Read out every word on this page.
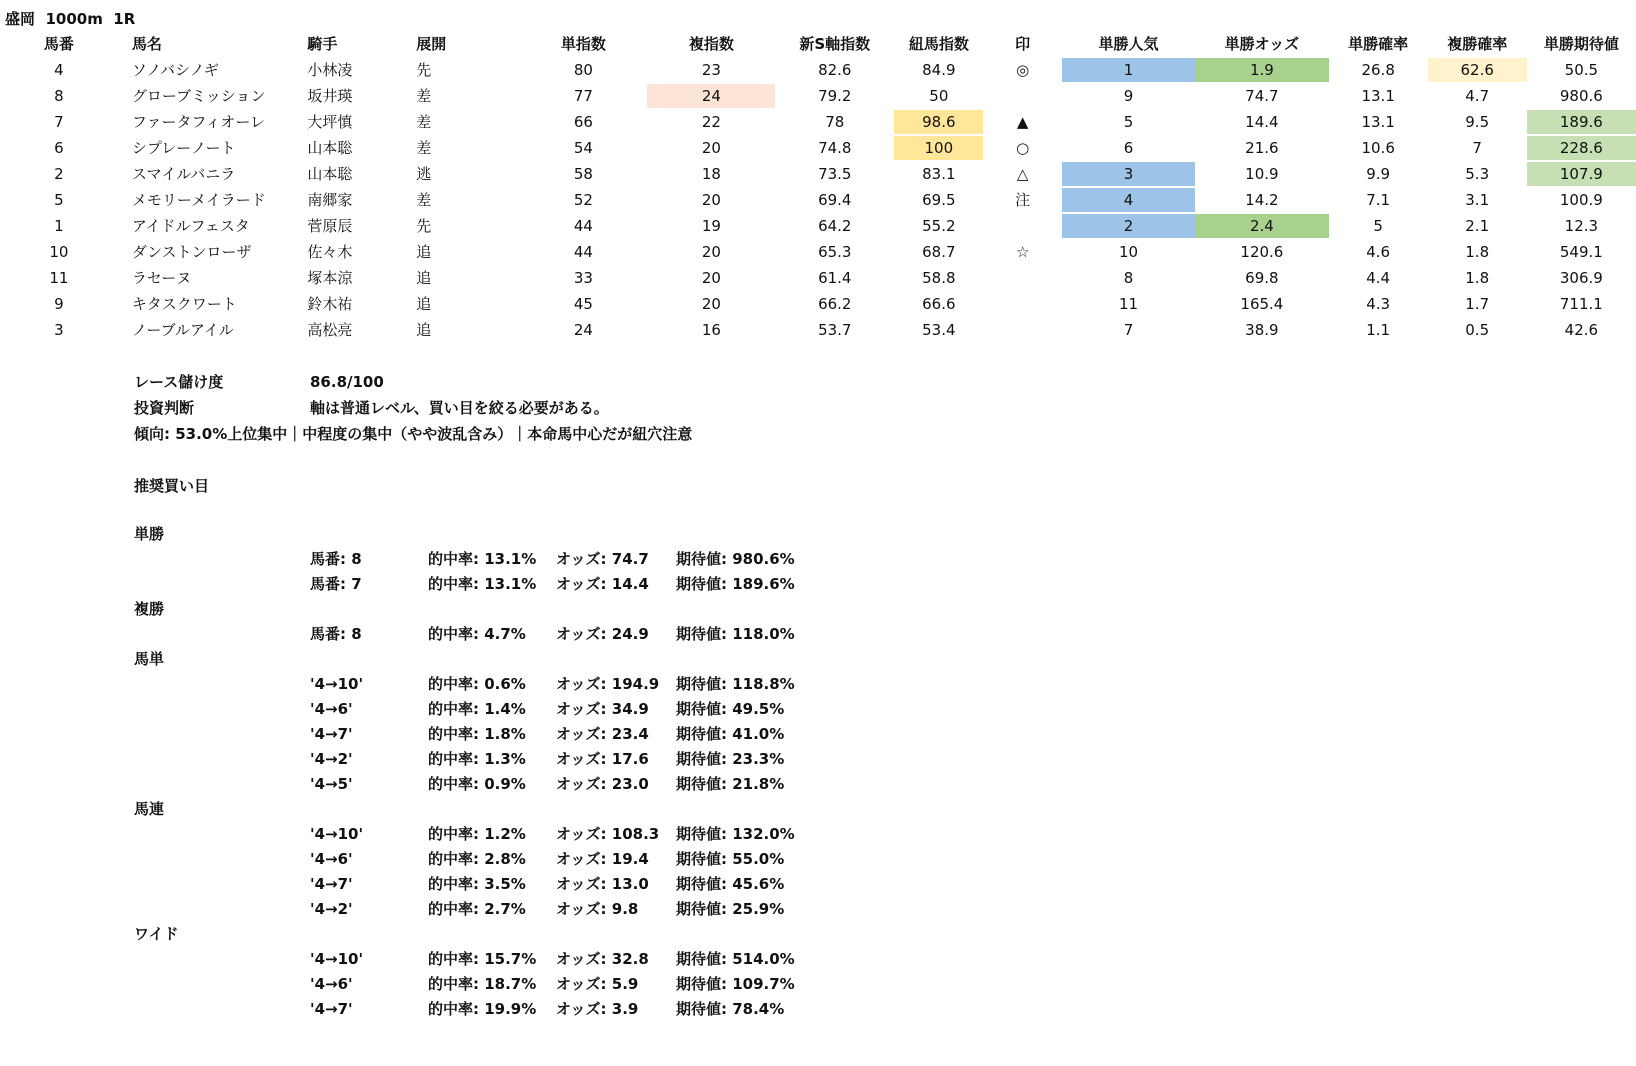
盛岡  1000m  1R
馬番	馬名	騎手	展開	単指数	複指数	新S軸指数	紐馬指数	印	単勝人気	単勝オッズ	単勝確率	複勝確率	単勝期待値

4	ソノバシノギ	小林凌	先	80	23	82.6	84.9	◎	1	1.9	26.8	62.6	50.5

8	グローブミッション	坂井瑛	差	77	24	79.2	50		9	74.7	13.1	4.7	980.6

7	ファータフィオーレ	大坪慎	差	66	22	78	98.6	▲	5	14.4	13.1	9.5	189.6

6	シプレーノート	山本聡	差	54	20	74.8	100	○	6	21.6	10.6	7	228.6

2	スマイルバニラ	山本聡	逃	58	18	73.5	83.1	△	3	10.9	9.9	5.3	107.9

5	メモリーメイラード	南郷家	差	52	20	69.4	69.5	注	4	14.2	7.1	3.1	100.9

1	アイドルフェスタ	菅原辰	先	44	19	64.2	55.2		2	2.4	5	2.1	12.3

10	ダンストンローザ	佐々木	追	44	20	65.3	68.7	☆	10	120.6	4.6	1.8	549.1

11	ラセーヌ	塚本涼	追	33	20	61.4	58.8		8	69.8	4.4	1.8	306.9

9	キタスクワート	鈴木祐	追	45	20	66.2	66.6		11	165.4	4.3	1.7	711.1

3	ノーブルアイル	高松亮	追	24	16	53.7	53.4		7	38.9	1.1	0.5	42.6
レース儲け度	86.8/100
投資判断	軸は普通レベル、買い目を絞る必要がある。
傾向: 53.0%上位集中｜中程度の集中（やや波乱含み）｜本命馬中心だが紐穴注意
推奨買い目
単勝
馬番: 8	的中率: 13.1% オッズ: 74.7 期待値: 980.6%
馬番: 7	的中率: 13.1% オッズ: 14.4 期待値: 189.6%
複勝
馬番: 8	的中率: 4.7% オッズ: 24.9 期待値: 118.0%
馬単
'4→10'	的中率: 0.6% オッズ: 194.9 期待値: 118.8%
'4→6'	的中率: 1.4% オッズ: 34.9 期待値: 49.5%
'4→7'	的中率: 1.8% オッズ: 23.4 期待値: 41.0%
'4→2'	的中率: 1.3% オッズ: 17.6 期待値: 23.3%
'4→5'	的中率: 0.9% オッズ: 23.0 期待値: 21.8%
馬連
'4→10'	的中率: 1.2% オッズ: 108.3 期待値: 132.0%
'4→6'	的中率: 2.8% オッズ: 19.4 期待値: 55.0%
'4→7'	的中率: 3.5% オッズ: 13.0 期待値: 45.6%
'4→2'	的中率: 2.7% オッズ: 9.8	期待値: 25.9%
ワイド
'4→10'	的中率: 15.7% オッズ: 32.8 期待値: 514.0%
'4→6'	的中率: 18.7% オッズ: 5.9	期待値: 109.7%
'4→7'	的中率: 19.9% オッズ: 3.9	期待値: 78.4%
